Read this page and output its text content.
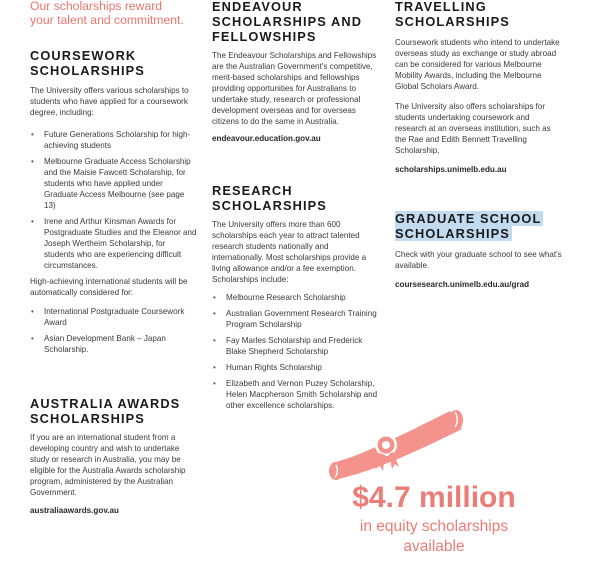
Our scholarships reward
your talent and commitment.
COURSEWORK
SCHOLARSHIPS

The University offers various scholarships to students who have applied for a coursework degree, including:

• Future Generations Scholarship for high-achieving students
• Melbourne Graduate Access Scholarship and the Maisie Fawcett Scholarship, for students who have applied under Graduate Access Melbourne (see page 13)
• Irene and Arthur Kinsman Awards for Postgraduate Studies and the Eleanor and Joseph Wertheim Scholarship, for students who are experiencing difficult circumstances.

High-achieving international students will be automatically considered for:

• International Postgraduate Coursework Award
• Asian Development Bank – Japan Scholarship.
AUSTRALIA AWARDS
SCHOLARSHIPS

If you are an international student from a developing country and wish to undertake study or research in Australia, you may be eligible for the Australia Awards scholarship program, administered by the Australian Government.

australiaawards.gov.au
ENDEAVOUR
SCHOLARSHIPS AND
FELLOWSHIPS

The Endeavour Scholarships and Fellowships are the Australian Government's competitive, merit-based scholarships and fellowships providing opportunities for Australians to undertake study, research or professional development overseas and for overseas citizens to do the same in Australia.

endeavour.education.gov.au
RESEARCH
SCHOLARSHIPS

The University offers more than 600 scholarships each year to attract talented research students nationally and internationally. Most scholarships provide a living allowance and/or a fee exemption. Scholarships include:

• Melbourne Research Scholarship
• Australian Government Research Training Program Scholarship
• Fay Marles Scholarship and Frederick Blake Shepherd Scholarship
• Human Rights Scholarship
• Elizabeth and Vernon Puzey Scholarship, Helen Macpherson Smith Scholarship and other excellence scholarships.
TRAVELLING
SCHOLARSHIPS

Coursework students who intend to undertake overseas study as exchange or study abroad can be considered for various Melbourne Mobility Awards, including the Melbourne Global Scholars Award.

The University also offers scholarships for students undertaking coursework and research at an overseas institution, such as the Rae and Edith Bennett Travelling Scholarship.

scholarships.unimelb.edu.au
GRADUATE SCHOOL
SCHOLARSHIPS

Check with your graduate school to see what's available.

coursesearch.unimelb.edu.au/grad
$4.7 million
in equity scholarships
available
